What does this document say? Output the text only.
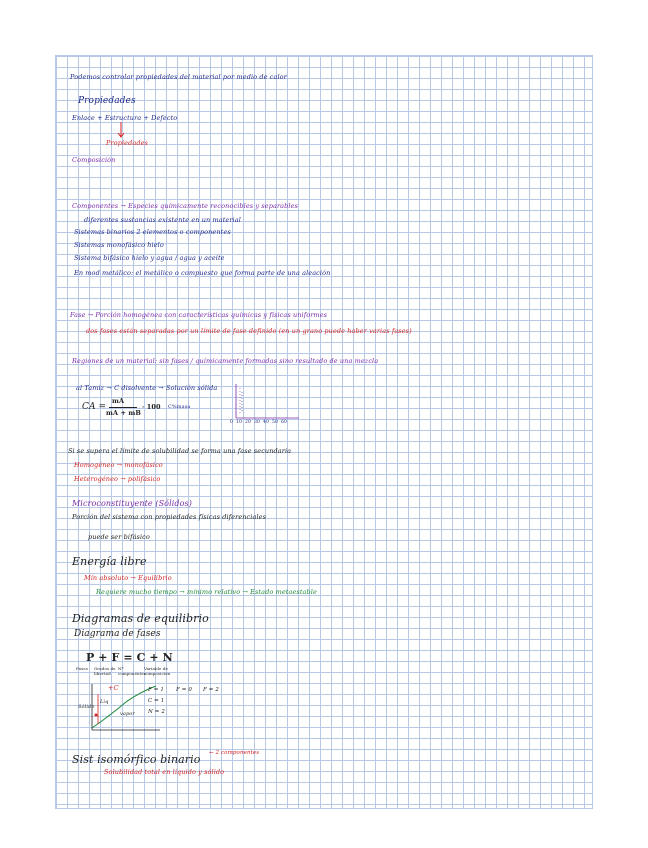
Podemos controlar propiedades del material por medio de calor
Propiedades
Enlace + Estructura + Defecto
Propiedades
Composición
Componentes → Especies químicamente reconocibles y separables
diferentes sustancias existente en un material
Sistemas binarios 2 elementos o componentes
Sistemas monofásico hielo
Sistema bifásico hielo y agua / agua y aceite
En mod metálico: el metálico o compuesto que forma parte de una aleación
Fase → Porción homogénea con características químicas y físicas uniformes
dos fases están separadas por un límite de fase definido (en un grano puede haber varias fases)
Regiones de un material: sin fases / químicamente formadas sino resultado de una mezcla
al Tamiz → C disolvente → Solución sólida
CA =
mA
mA + mB
· 100 C%masa
0 10 20 30 40 50 60
Si se supera el límite de solubilidad se forma una fase secundaria
Homogéneo → monofásico
Heterogéneo → polifásico
Microconstituyente (Sólidos)
Porción del sistema con propiedades físicas diferenciales
puede ser bifásico
Energía libre
Mín absoluto → Equilibrio
Requiere mucho tiempo → mínimo relativo → Estado metaestable
Diagramas de equilibrio
Diagrama de fases
P + F = C + N
Fases Grados de libertad
Nº componentes
Variable de composición
+C
Sólido
Liq
vapor
F = 1
C = 1
N = 2
F = 0 F = 2
Sist isomórfico binario ← 2 componentes
Solubilidad total en líquido y sólido
